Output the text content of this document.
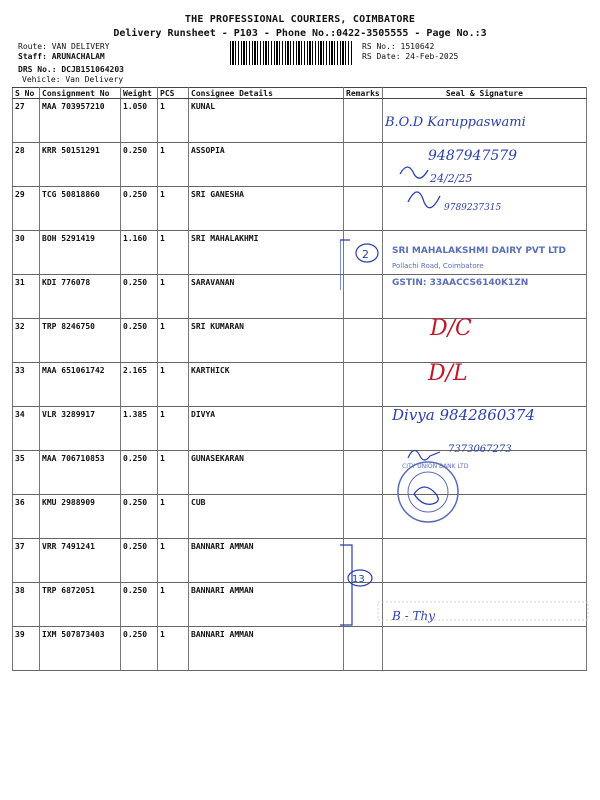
THE PROFESSIONAL COURIERS, COIMBATORE
Delivery Runsheet - P103 - Phone No.:0422-3505555 - Page No.:3
Route: VAN DELIVERY
Staff: ARUNACHALAM
DRS No.: DCJB151064203
Vehicle: Van Delivery
RS No.: 1510642
RS Date: 24-Feb-2025
S No	Consignment No	Weight	PCS	Consignee Details	Remarks	Seal & Signature
27	MAA 703957210	1.050	1	KUNAL		
28	KRR 50151291	0.250	1	ASSOPIA		
29	TCG 50818860	0.250	1	SRI GANESHA		
30	BOH 5291419	1.160	1	SRI MAHALAKHMI		
31	KDI 776078	0.250	1	SARAVANAN		
32	TRP 8246750	0.250	1	SRI KUMARAN		
33	MAA 651061742	2.165	1	KARTHICK		
34	VLR 3289917	1.385	1	DIVYA		
35	MAA 706710853	0.250	1	GUNASEKARAN		
36	KMU 2988909	0.250	1	CUB		
37	VRR 7491241	0.250	1	BANNARI AMMAN		
38	TRP 6872051	0.250	1	BANNARI AMMAN		
39	IXM 507873403	0.250	1	BANNARI AMMAN		
B.O.D Karuppaswami
9487947579
24/2/25
9789237315
2
D/C
D/L
Divya 9842860374
7373067273
CITY UNION BANK LTD
13
B - Thy
SRI MAHALAKSHMI DAIRY PVT LTD
Pollachi Road, Coimbatore
GSTIN: 33AACCS6140K1ZN
